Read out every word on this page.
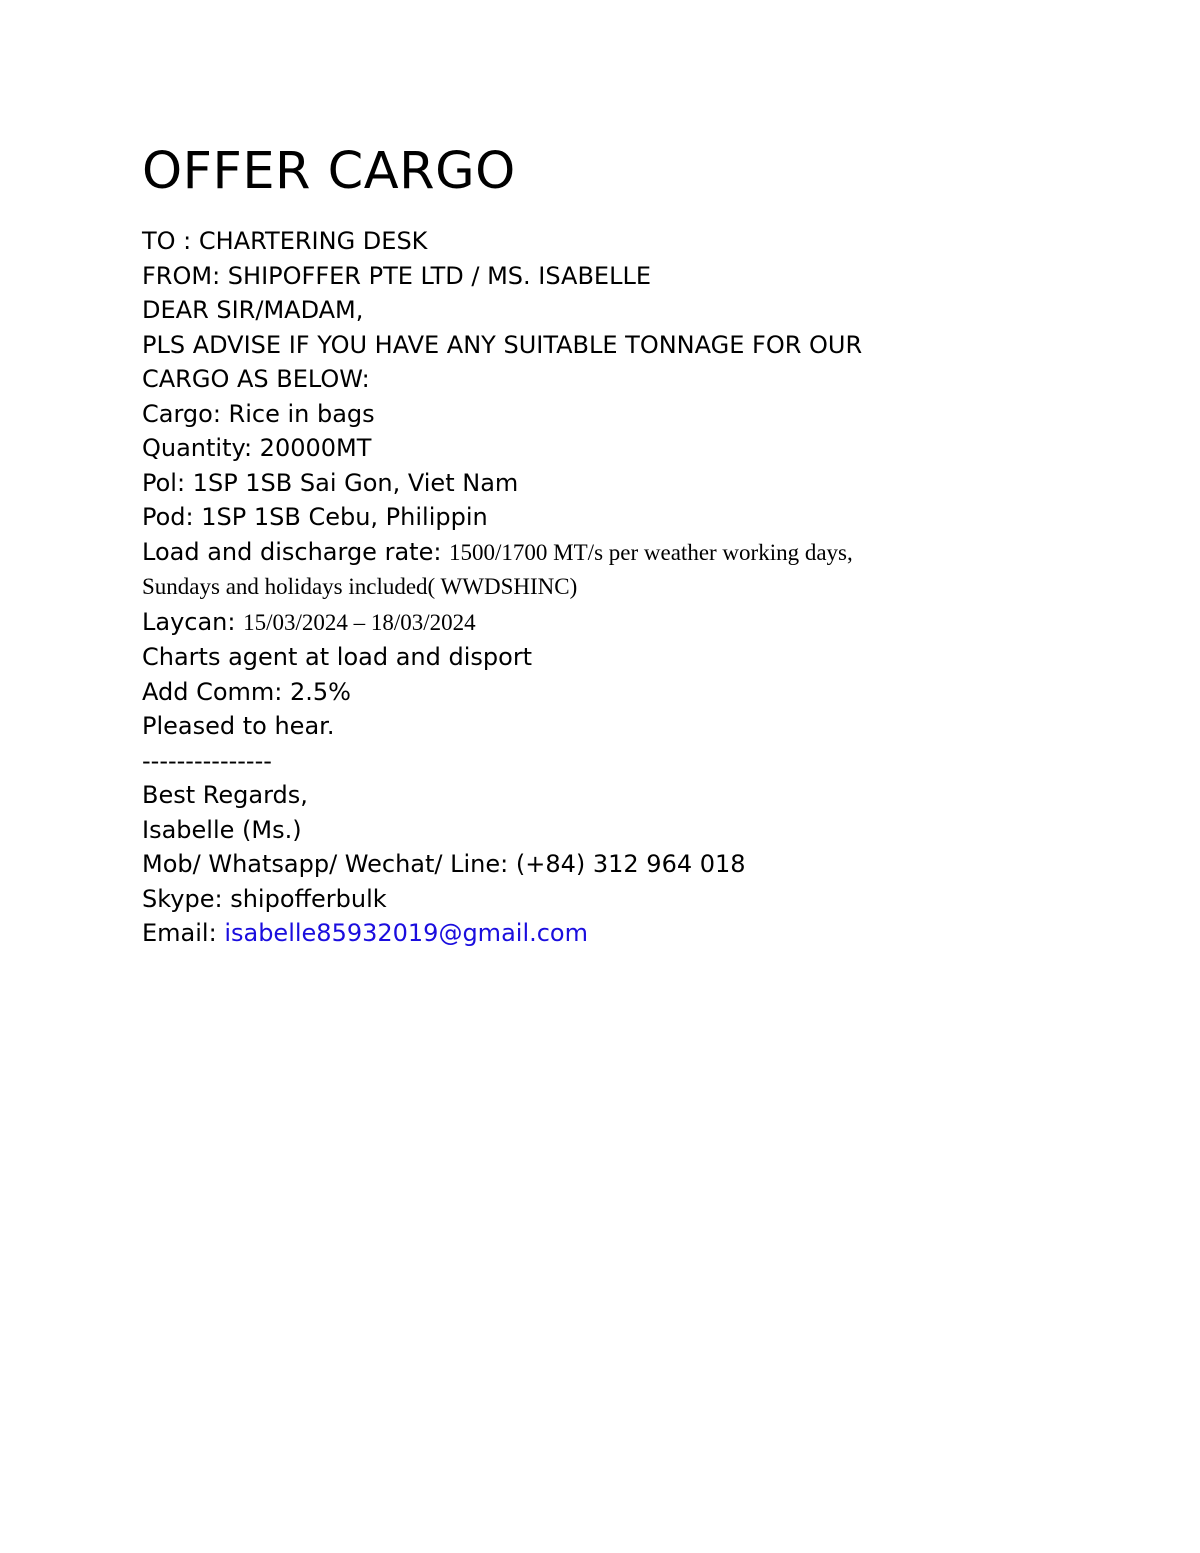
OFFER CARGO
TO : CHARTERING DESK
FROM: SHIPOFFER PTE LTD / MS. ISABELLE
DEAR SIR/MADAM,
PLS ADVISE IF YOU HAVE ANY SUITABLE TONNAGE FOR OUR
CARGO AS BELOW:
Cargo: Rice in bags
Quantity: 20000MT
Pol: 1SP 1SB Sai Gon, Viet Nam
Pod: 1SP 1SB Cebu, Philippin
Load and discharge rate: 1500/1700 MT/s per weather working days,
Sundays and holidays included( WWDSHINC)
Laycan: 15/03/2024 – 18/03/2024
Charts agent at load and disport
Add Comm: 2.5%
Pleased to hear.
---------------
Best Regards,
Isabelle (Ms.)
Mob/ Whatsapp/ Wechat/ Line: (+84) 312 964 018
Skype: shipofferbulk
Email: isabelle85932019@gmail.com
